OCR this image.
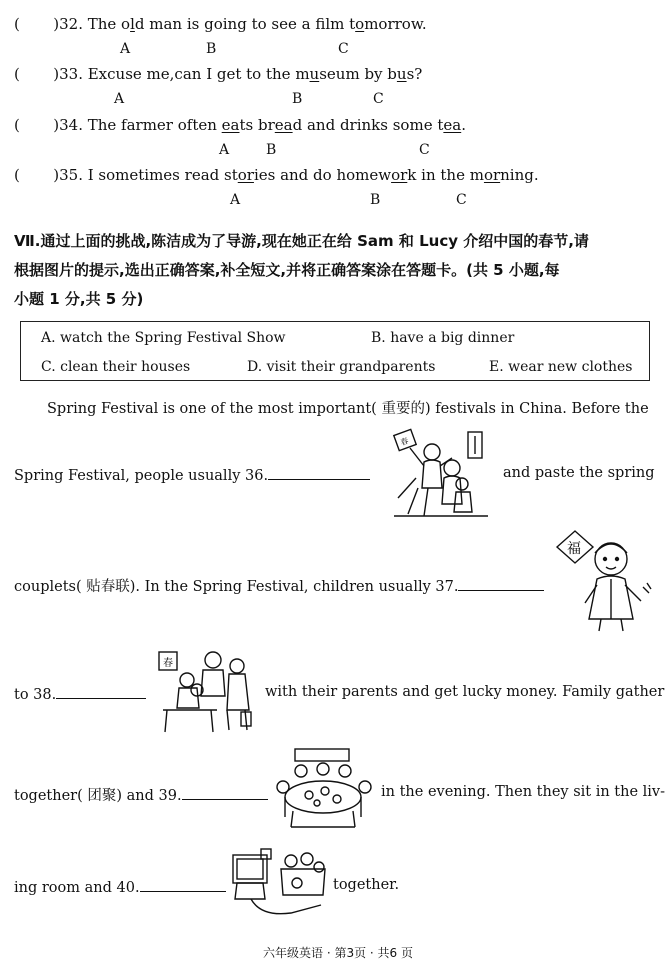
(       )32. The old man is going to see a film tomorrow.
A	B	C
(       )33. Excuse me,can I get to the museum by bus?
A	B	C
(       )34. The farmer often eats bread and drinks some tea.
A	B	C
(       )35. I sometimes read stories and do homework in the morning.
A	B	C
Ⅶ.通过上面的挑战,陈洁成为了导游,现在她正在给 Sam 和 Lucy 介绍中国的春节,请
根据图片的提示,选出正确答案,补全短文,并将正确答案涂在答题卡。(共 5 小题,每
小题 1 分,共 5 分)
A. watch the Spring Festival Show	B. have a big dinner
C. clean their houses	D. visit their grandparents	E. wear new clothes
Spring Festival is one of the most important( 重要的) festivals in China. Before the
Spring Festival, people usually 36.	and paste the spring
couplets( 贴春联). In the Spring Festival, children usually 37.
to 38.	with their parents and get lucky money. Family gather
together( 团聚) and 39.	in the evening. Then they sit in the liv-
ing room and 40.	together.
春
福
春
六年级英语 · 第3页 · 共6 页
